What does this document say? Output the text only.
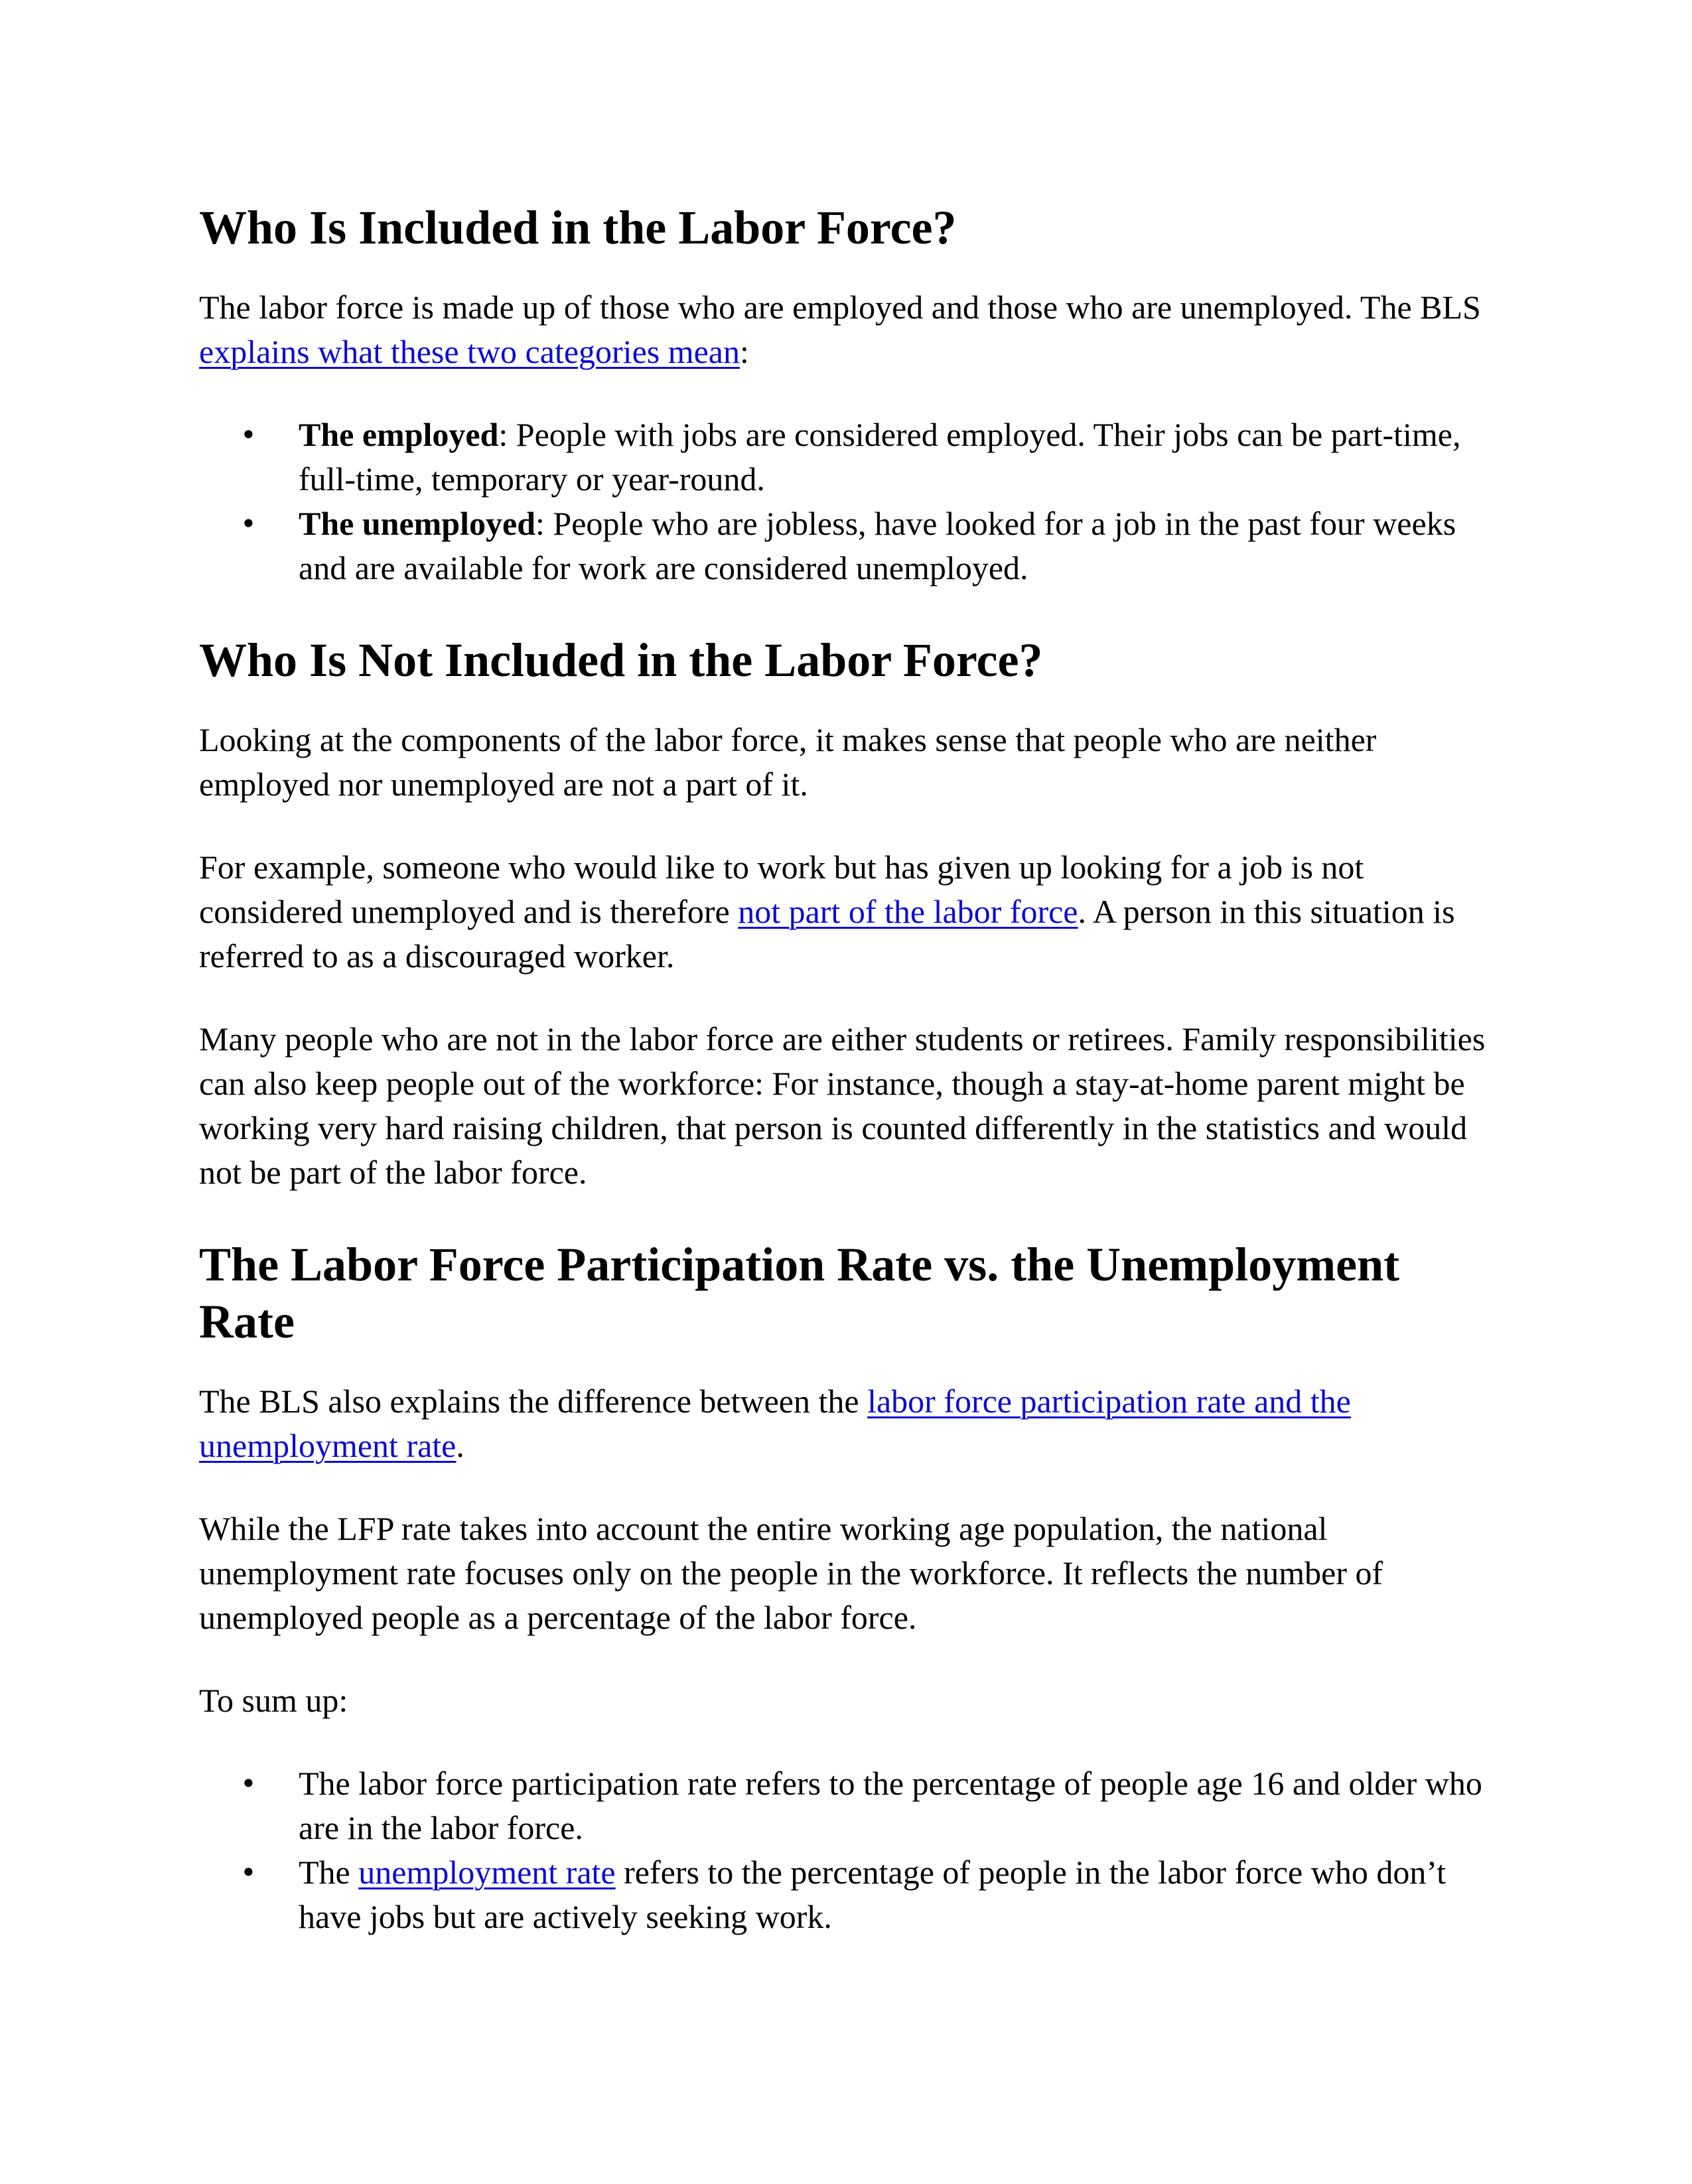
Who Is Included in the Labor Force?

The labor force is made up of those who are employed and those who are unemployed. The BLS explains what these two categories mean:

• The employed: People with jobs are considered employed. Their jobs can be part-time, full-time, temporary or year-round.
• The unemployed: People who are jobless, have looked for a job in the past four weeks and are available for work are considered unemployed.
Who Is Not Included in the Labor Force?

Looking at the components of the labor force, it makes sense that people who are neither employed nor unemployed are not a part of it.

For example, someone who would like to work but has given up looking for a job is not considered unemployed and is therefore not part of the labor force. A person in this situation is referred to as a discouraged worker.

Many people who are not in the labor force are either students or retirees. Family responsibilities can also keep people out of the workforce: For instance, though a stay-at-home parent might be working very hard raising children, that person is counted differently in the statistics and would not be part of the labor force.

The Labor Force Participation Rate vs. the Unemployment Rate

The BLS also explains the difference between the labor force participation rate and the unemployment rate.

While the LFP rate takes into account the entire working age population, the national unemployment rate focuses only on the people in the workforce. It reflects the number of unemployed people as a percentage of the labor force.

To sum up:

• The labor force participation rate refers to the percentage of people age 16 and older who are in the labor force.
• The unemployment rate refers to the percentage of people in the labor force who don’t have jobs but are actively seeking work.
